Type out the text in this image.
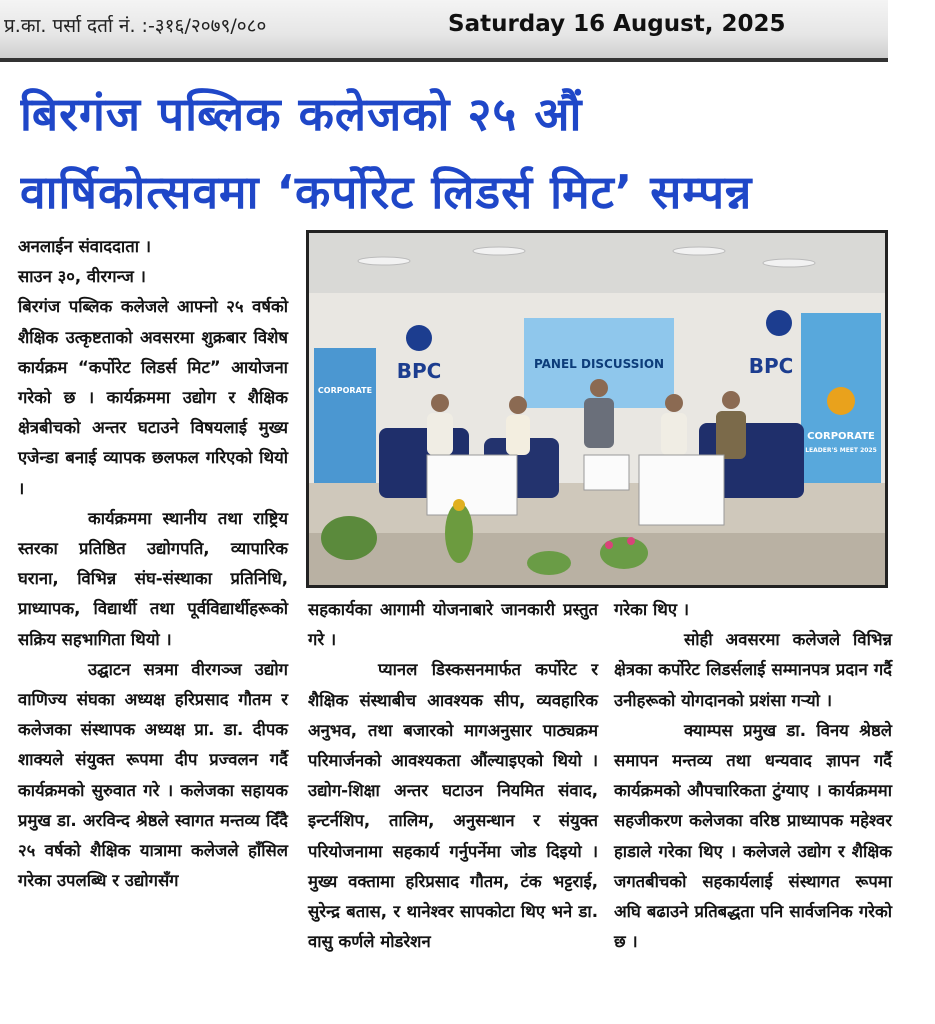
प्र.का. पर्सा दर्ता नं. :-३१६/२०७९/०८०	Saturday 16 August, 2025
बिरगंज पब्लिक कलेजको २५ औं
वार्षिकोत्सवमा ‘कर्पोरेट लिडर्स मिट’ सम्पन्न

अनलाईन संवाददाता ।

साउन ३०, वीरगन्ज ।

बिरगंज पब्लिक कलेजले आफ्नो २५ वर्षको शैक्षिक उत्कृष्टताको अवसरमा शुक्रबार विशेष कार्यक्रम “कर्पोरेट लिडर्स मिट” आयोजना गरेको छ । कार्यक्रममा उद्योग र शैक्षिक क्षेत्रबीचको अन्तर घटाउने विषयलाई मुख्य एजेन्डा बनाई व्यापक छलफल गरिएको थियो ।

कार्यक्रममा स्थानीय तथा राष्ट्रिय स्तरका प्रतिष्ठित उद्योगपति, व्यापारिक घराना, विभिन्न संघ-संस्थाका प्रतिनिधि, प्राध्यापक, विद्यार्थी तथा पूर्वविद्यार्थीहरूको सक्रिय सहभागिता थियो ।

उद्घाटन सत्रमा वीरगञ्ज उद्योग वाणिज्य संघका अध्यक्ष हरिप्रसाद गौतम र कलेजका संस्थापक अध्यक्ष प्रा. डा. दीपक शाक्यले संयुक्त रूपमा दीप प्रज्वलन गर्दै कार्यक्रमको सुरुवात गरे । कलेजका सहायक प्रमुख डा. अरविन्द श्रेष्ठले स्वागत मन्तव्य दिँदै २५ वर्षको शैक्षिक यात्रामा कलेजले हाँसिल गरेका उपलब्धि र उद्योगसँग

PANEL DISCUSSION
BPC	BPC
CORPORATE
CORPORATE
LEADER'S MEET 2025

सहकार्यका आगामी योजनाबारे जानकारी प्रस्तुत गरे ।

प्यानल डिस्कसनमार्फत कर्पोरेट र शैक्षिक संस्थाबीच आवश्यक सीप, व्यवहारिक अनुभव, तथा बजारको मागअनुसार पाठ्यक्रम परिमार्जनको आवश्यकता औंल्याइएको थियो । उद्योग-शिक्षा अन्तर घटाउन नियमित संवाद, इन्टर्नशिप, तालिम, अनुसन्धान र संयुक्त परियोजनामा सहकार्य गर्नुपर्नेमा जोड दिइयो । मुख्य वक्तामा हरिप्रसाद गौतम, टंक भट्टराई, सुरेन्द्र बतास, र थानेश्वर सापकोटा थिए भने डा. वासु कर्णले मोडरेशन

गरेका थिए ।

सोही अवसरमा कलेजले विभिन्न क्षेत्रका कर्पोरेट लिडर्सलाई सम्मानपत्र प्रदान गर्दै उनीहरूको योगदानको प्रशंसा गर्‍यो ।

क्याम्पस प्रमुख डा. विनय श्रेष्ठले समापन मन्तव्य तथा धन्यवाद ज्ञापन गर्दै कार्यक्रमको औपचारिकता टुंग्याए । कार्यक्रममा सहजीकरण कलेजका वरिष्ठ प्राध्यापक महेश्वर हाडाले गरेका थिए । कलेजले उद्योग र शैक्षिक जगतबीचको सहकार्यलाई संस्थागत रूपमा अघि बढाउने प्रतिबद्धता पनि सार्वजनिक गरेको छ ।
